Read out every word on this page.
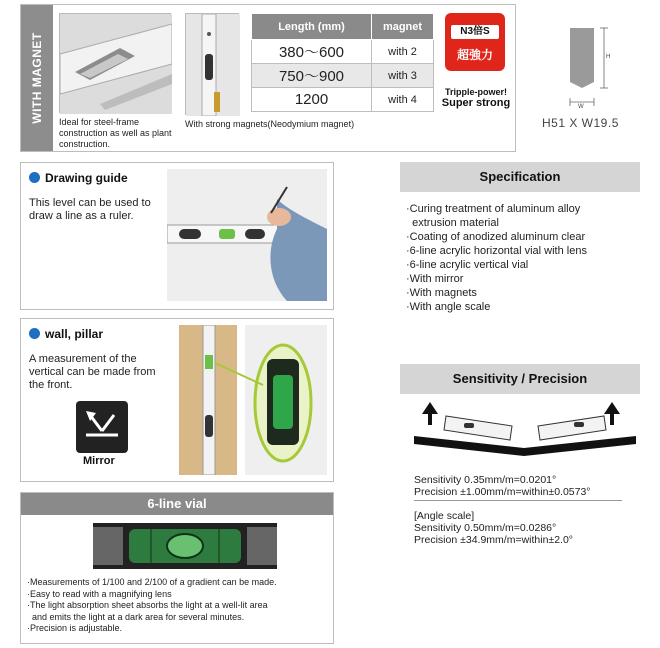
WITH MAGNET Ideal for steel-frame construction as well as plant construction.
With strong magnets(Neodymium magnet)
Length (mm)	magnet
380〜600	with 2
750〜900	with 3
1200	with 4
N3倍S
超強力
Tripple-power!
Super strong
H
W
H51 X W19.5
Drawing guide
This level can be used to draw a line as a ruler.
wall, pillar
A measurement of the vertical can be made from the front.
Mirror
6-line vial
·Measurements of 1/100 and 2/100 of a gradient can be made.
·Easy to read with a magnifying lens
·The light absorption sheet absorbs the light at a well-lit area
and emits the light at a dark area for several minutes.
·Precision is adjustable.
Specification
·Curing treatment of aluminum alloy
extrusion material
·Coating of anodized aluminum clear
·6-line acrylic horizontal vial with lens
·6-line acrylic vertical vial
·With mirror
·With magnets
·With angle scale
Sensitivity / Precision
Sensitivity 0.35mm/m=0.0201°
Precision ±1.00mm/m=within±0.0573°
[Angle scale]
Sensitivity 0.50mm/m=0.0286°
Precision ±34.9mm/m=within±2.0°
